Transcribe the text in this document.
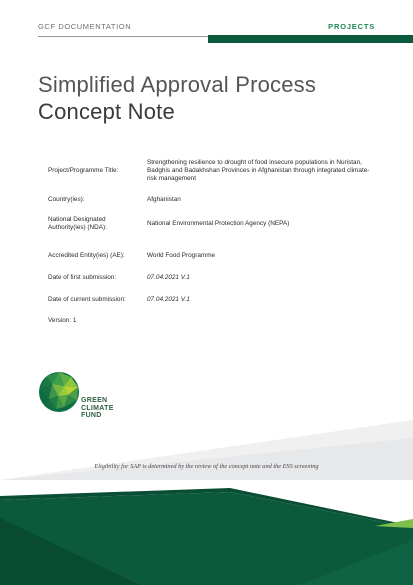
GCF DOCUMENTATION	PROJECTS
Simplified Approval Process
Concept Note
Project/Programme Title:
Strengthening resilience to drought of food insecure populations in Nuristan, Badghis and Badakhshan Provinces in Afghanistan through integrated climate-risk management
Country(ies):	Afghanistan
National Designated Authority(ies) (NDA):
National Environmental Protection Agency (NEPA)
Accredited Entity(ies) (AE):	World Food Programme
Date of first submission:	07.04.2021 V.1
Date of current submission:	07.04.2021 V.1
Version: 1
GREEN
CLIMATE
FUND
Eligibility for SAP is determined by the review of the concept note and the ESS screening
